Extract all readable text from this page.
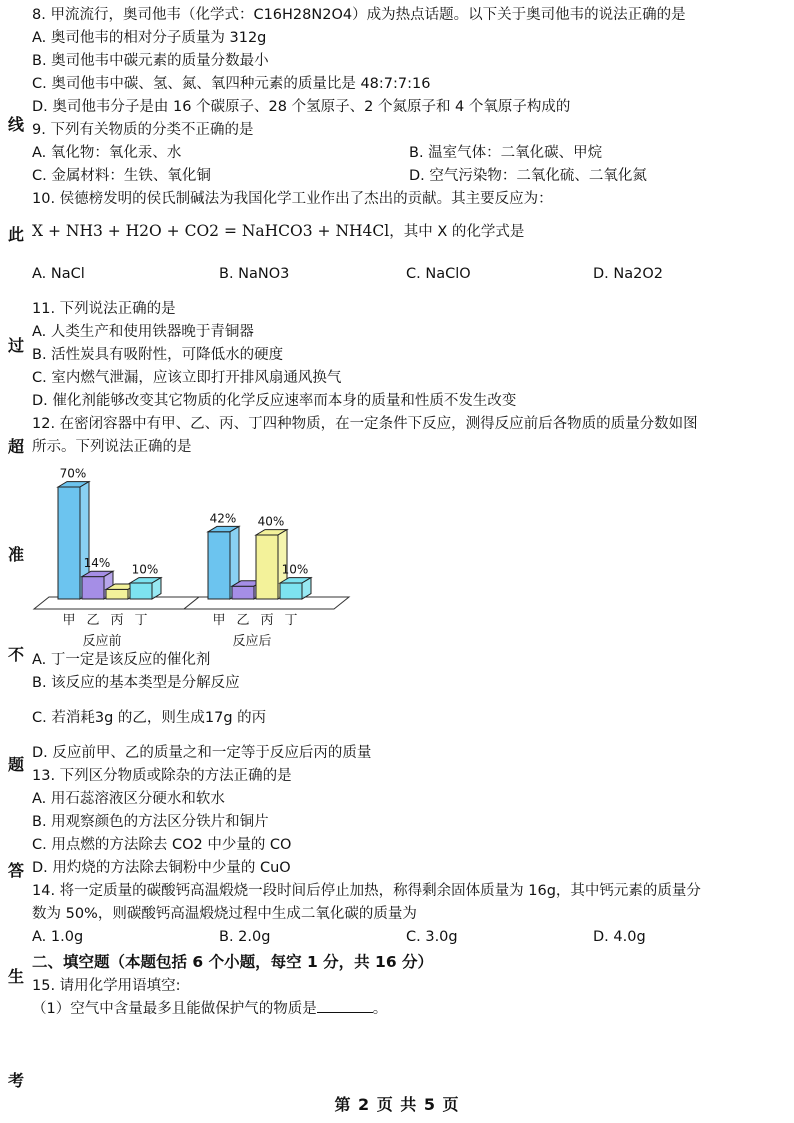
线
此
过
超
准
不
题
答
生
考
8. 甲流流行，奥司他韦（化学式：C16H28N2O4）成为热点话题。以下关于奥司他韦的说法正确的是
A. 奥司他韦的相对分子质量为 312g
B. 奥司他韦中碳元素的质量分数最小
C. 奥司他韦中碳、氢、氮、氧四种元素的质量比是 48:7:7:16
D. 奥司他韦分子是由 16 个碳原子、28 个氢原子、2 个氮原子和 4 个氧原子构成的
9. 下列有关物质的分类不正确的是
A. 氧化物：氧化汞、水	B. 温室气体：二氧化碳、甲烷
C. 金属材料：生铁、氧化铜	D. 空气污染物：二氧化硫、二氧化氮
10. 侯德榜发明的侯氏制碱法为我国化学工业作出了杰出的贡献。其主要反应为：
X + NH3 + H2O + CO2 = NaHCO3 + NH4Cl，其中 X 的化学式是
A. NaCl	B. NaNO3	C. NaClO	D. Na2O2
11. 下列说法正确的是
A. 人类生产和使用铁器晚于青铜器
B. 活性炭具有吸附性，可降低水的硬度
C. 室内燃气泄漏，应该立即打开排风扇通风换气
D. 催化剂能够改变其它物质的化学反应速率而本身的质量和性质不发生改变
12. 在密闭容器中有甲、乙、丙、丁四种物质，在一定条件下反应，测得反应前后各物质的质量分数如图
所示。下列说法正确的是
70%
甲
14%
乙 丙
10%
丁
反应前
42%
甲 乙
40%
丙
10%
丁
反应后
A. 丁一定是该反应的催化剂
B. 该反应的基本类型是分解反应
C. 若消耗3g 的乙，则生成17g 的丙
D. 反应前甲、乙的质量之和一定等于反应后丙的质量
13. 下列区分物质或除杂的方法正确的是
A. 用石蕊溶液区分硬水和软水
B. 用观察颜色的方法区分铁片和铜片
C. 用点燃的方法除去 CO2 中少量的 CO
D. 用灼烧的方法除去铜粉中少量的 CuO
14. 将一定质量的碳酸钙高温煅烧一段时间后停止加热，称得剩余固体质量为 16g，其中钙元素的质量分
数为 50%，则碳酸钙高温煅烧过程中生成二氧化碳的质量为
A. 1.0g	B. 2.0g	C. 3.0g	D. 4.0g
二、填空题（本题包括 6 个小题，每空 1 分，共 16 分）
15. 请用化学用语填空:
（1）空气中含量最多且能做保护气的物质是	。
第 2 页 共 5 页
